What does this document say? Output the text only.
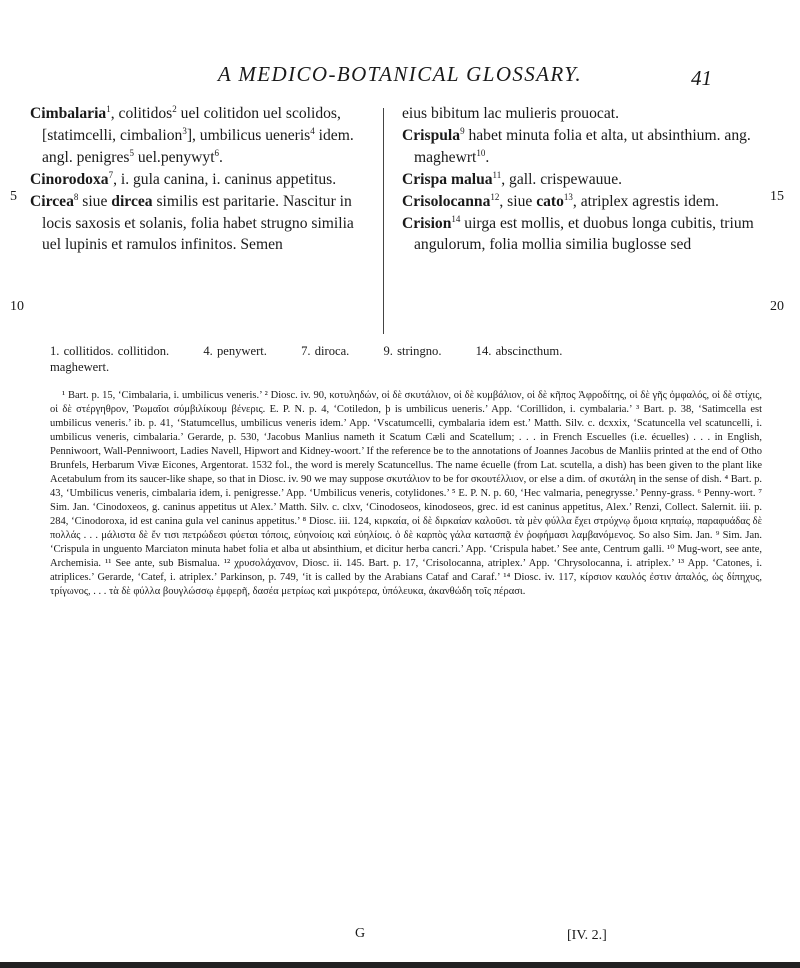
A MEDICO-BOTANICAL GLOSSARY.	41

Cimbalaria$^1$, colitidos$^2$ uel colitidon uel scolidos, [statimcelli, cimbalion$^3$], umbilicus ueneris$^4$ idem. angl. penigres$^5$ uel.penywyt$^6$.

Cinorodoxa$^7$, i. gula canina, i. caninus appetitus.

Circea$^8$ siue dircea similis est paritarie. Nascitur in locis saxosis et solanis, folia habet strugno similia uel lupinis et ramulos infinitos. Semen

eius bibitum lac mulieris prouocat.

Crispula$^9$ habet minuta folia et alta, ut absinthium. ang. maghewrt$^{10}$.

Crispa malua$^{11}$, gall. crispewauue.

Crisolocanna$^{12}$, siue cato$^{13}$, atriplex agrestis idem.

Crision$^{14}$ uirga est mollis, et duobus longa cubitis, trium angulorum, folia mollia similia buglosse sed

5
10
15
20
1. collitidos. collitidon.	4. penywert.	7. diroca.	9. stringno.	14. abscincthum.
maghewert.

¹ Bart. p. 15, ‘Cimbalaria, i. umbilicus veneris.’ ² Diosc. iv. 90, κοτυληδών, οἱ δὲ σκυτάλιον, οἱ δὲ κυμβάλιον, οἱ δὲ κῆπος Ἀφροδίτης, οἱ δὲ γῆς ὀμφαλός, οἱ δὲ στίχις, οἱ δὲ στέργηθρον, Ῥωμαῖοι σύμβιλίκουμ βένερις. E. P. N. p. 4, ‘Cotiledon, þ is umbilicus ueneris.’ App. ‘Corillidon, i. cymbalaria.’ ³ Bart. p. 38, ‘Satimcella est umbilicus veneris.’ ib. p. 41, ‘Statumcellus, umbilicus veneris idem.’ App. ‘Vscatumcelli, cymbalaria idem est.’ Matth. Silv. c. dcxxix, ‘Scatuncella vel scatuncelli, i. umbilicus veneris, cimbalaria.’ Gerarde, p. 530, ‘Jacobus Manlius nameth it Scatum Cæli and Scatellum; . . . in French Escuelles (i.e. écuelles) . . . in English, Penniwoort, Wall-Penniwoort, Ladies Navell, Hipwort and Kidney-woort.’ If the reference be to the annotations of Joannes Jacobus de Manliis printed at the end of Otho Brunfels, Herbarum Vivæ Eicones, Argentorat. 1532 fol., the word is merely Scatuncellus. The name écuelle (from Lat. scutella, a dish) has been given to the plant like Acetabulum from its saucer-like shape, so that in Diosc. iv. 90 we may suppose σκυτάλιον to be for σκουτέλλιον, or else a dim. of σκυτάλη in the sense of dish. ⁴ Bart. p. 43, ‘Umbilicus veneris, cimbalaria idem, i. penigresse.’ App. ‘Umbilicus veneris, cotylidones.’ ⁵ E. P. N. p. 60, ‘Hec valmaria, penegrysse.’ Penny-grass. ⁶ Penny-wort. ⁷ Sim. Jan. ‘Cinodoxeos, g. caninus appetitus ut Alex.’ Matth. Silv. c. clxv, ‘Cinodoseos, kinodoseos, grec. id est caninus appetitus, Alex.’ Renzi, Collect. Salernit. iii. p. 284, ‘Cinodoroxa, id est canina gula vel caninus appetitus.’ ⁸ Diosc. iii. 124, κιρκαία, οἱ δὲ διρκαίαν καλοῦσι. τὰ μὲν φύλλα ἔχει στρύχνῳ ὅμοια κηπαίῳ, παραφυάδας δὲ πολλάς . . . μάλιστα δὲ ἔν τισι πετρώδεσι φύεται τόποις, εὐηνοίοις καὶ εὐηλίοις. ὁ δὲ καρπὸς γάλα κατασπᾷ ἐν ῥοφήμασι λαμβανόμενος. So also Sim. Jan. ⁹ Sim. Jan. ‘Crispula in unguento Marciaton minuta habet folia et alba ut absinthium, et dicitur herba cancri.’ App. ‘Crispula habet.’ See ante, Centrum galli. ¹⁰ Mug-wort, see ante, Archemisia. ¹¹ See ante, sub Bismalua. ¹² χρυσολάχανον, Diosc. ii. 145. Bart. p. 17, ‘Crisolocanna, atriplex.’ App. ‘Chrysolocanna, i. atriplex.’ ¹³ App. ‘Catones, i. atriplices.’ Gerarde, ‘Catef, i. atriplex.’ Parkinson, p. 749, ‘it is called by the Arabians Cataf and Caraf.’ ¹⁴ Diosc. iv. 117, κίρσιον καυλός ἐστιν ἁπαλός, ὡς δίπηχυς, τρίγωνος, . . . τὰ δὲ φύλλα βουγλώσσῳ ἐμφερῆ, δασέα μετρίως καὶ μικρότερα, ὑπόλευκα, ἀκανθώδη τοῖς πέρασι.

G	[IV. 2.]
